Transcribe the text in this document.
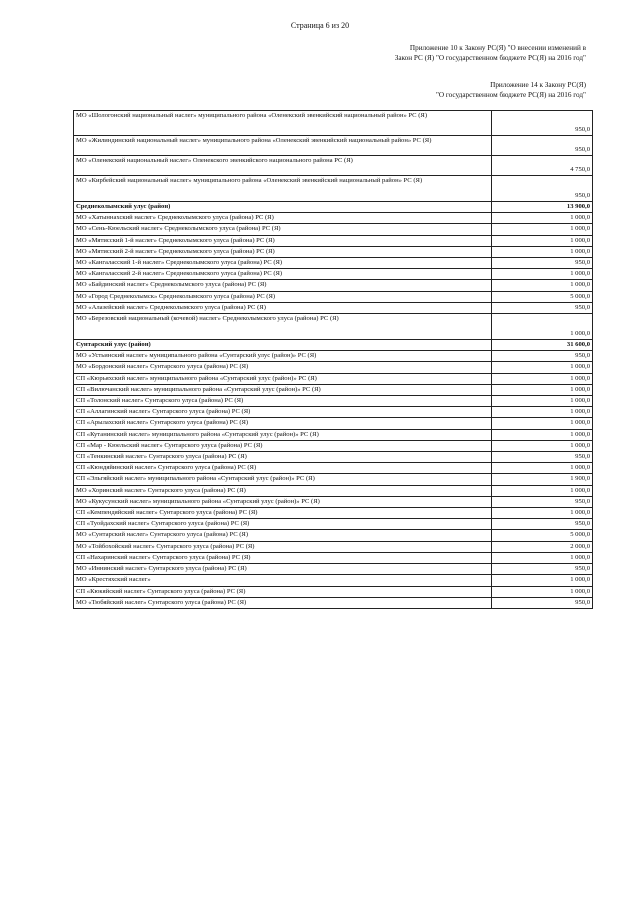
Страница 6 из 20
Приложение 10 к Закону РС(Я) "О внесении изменений в
Закон РС (Я) "О государственном бюджете РС(Я) на 2016 год"
Приложение 14 к Закону РС(Я)
"О государственном бюджете РС(Я) на 2016 год"
МО «Шологонский национальный наслег» муниципального района «Оленекский эвенкийский национальный район» РС (Я)	950,0
МО «Жилиндинский национальный наслег» муниципального района «Оленекский эвенкийский национальный район» РС (Я)	950,0
МО «Оленекский национальный наслег» Оленекского эвенкийского национального района РС (Я)	4 750,0
МО «Кирбейский национальный наслег» муниципального района «Оленекский эвенкийский национальный район» РС (Я)	950,0
Среднеколымский улус (район)	13 900,0
МО «Хатыннахский наслег» Среднеколымского улуса (района) РС (Я)	1 000,0
МО «Сень-Кюельский наслег» Среднеколымского улуса (района) РС (Я)	1 000,0
МО «Мятисский 1-й наслег» Среднеколымского улуса (района) РС (Я)	1 000,0
МО «Мятисский 2-й наслег» Среднеколымского улуса (района) РС (Я)	1 000,0
МО «Кангаласский 1-й наслег» Среднеколымского улуса (района) РС (Я)	950,0
МО «Кангаласский 2-й наслег» Среднеколымского улуса (района) РС (Я)	1 000,0
МО «Байдинский наслег» Среднеколымского улуса (района) РС (Я)	1 000,0
МО «Город Среднеколымск» Среднеколымского улуса (района) РС (Я)	5 000,0
МО «Алазейский наслег» Среднеколымского улуса (района) РС (Я)	950,0
МО «Березовский национальный (кочевой) наслег» Среднеколымского улуса (района) РС (Я)	1 000,0
Сунтарский улус (район)	31 600,0
МО «Устьинский наслег» муниципального района «Сунтарский улус (район)» РС (Я)	950,0
МО «Бордонский наслег» Сунтарского улуса (района) РС (Я)	1 000,0
СП «Кюрьяхский наслег» муниципального района «Сунтарский улус (район)» РС (Я)	1 000,0
СП «Вилючанский наслег» муниципального района «Сунтарский улус (район)» РС (Я)	1 000,0
СП «Толонский наслег» Сунтарского улуса (района) РС (Я)	1 000,0
СП «Аллагинский наслег» Сунтарского улуса (района) РС (Я)	1 000,0
СП «Арылахский наслег» Сунтарского улуса (района) РС (Я)	1 000,0
СП «Кутанинский наслег» муниципального района «Сунтарский улус (район)» РС (Я)	1 000,0
СП «Мар - Кюельский наслег» Сунтарского улуса (района) РС (Я)	1 000,0
СП «Тенкинский наслег» Сунтарского улуса (района) РС (Я)	950,0
СП «Кюндяйинский наслег» Сунтарского улуса (района) РС (Я)	1 000,0
СП «Эльгяйский наслег» муниципального района «Сунтарский улус (район)» РС (Я)	1 900,0
МО «Хоринский наслег» Сунтарского улуса (района) РС (Я)	1 000,0
МО «Кукусунский наслег» муниципального района «Сунтарский улус (район)» РС (Я)	950,0
СП «Кемпендяйский наслег» Сунтарского улуса (района) РС (Я)	1 000,0
СП «Туойдахский наслег» Сунтарского улуса (района) РС (Я)	950,0
МО «Сунтарский наслег» Сунтарского улуса (района) РС (Я)	5 000,0
МО «Тойбохойский наслег» Сунтарского улуса (района) РС (Я)	2 000,0
СП «Нахаринский наслег» Сунтарского улуса (района) РС (Я)	1 000,0
МО «Иннинский наслег» Сунтарского улуса (района) РС (Я)	950,0
МО «Крестяхский наслег»	1 000,0
СП «Кюкяйский наслег» Сунтарского улуса (района) РС (Я)	1 000,0
МО «Тюбяйский наслег» Сунтарского улуса (района) РС (Я)	950,0
